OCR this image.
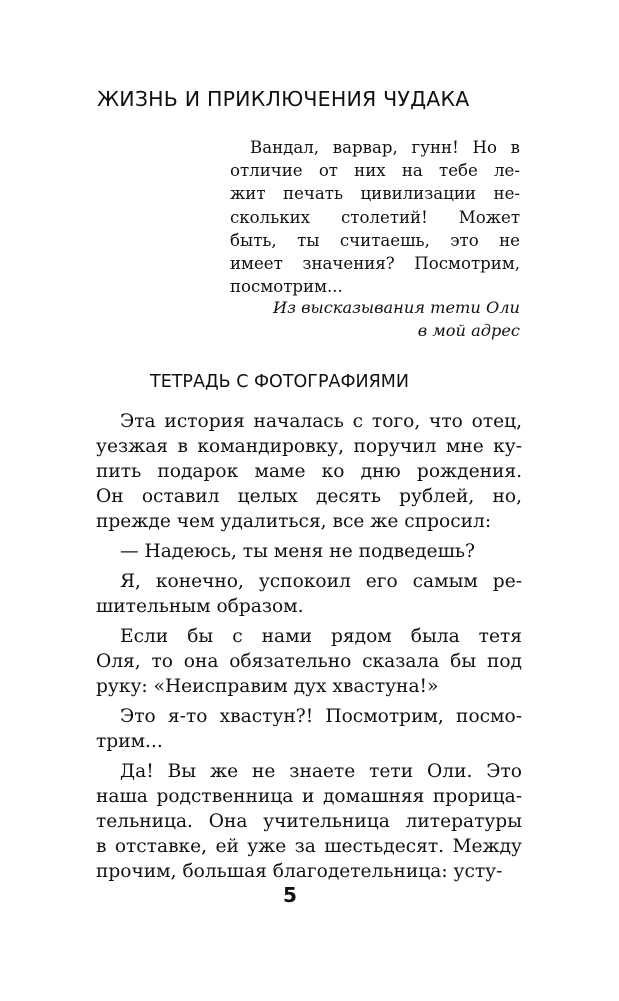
ЖИЗНЬ И ПРИКЛЮЧЕНИЯ ЧУДАКА
Вандал, варвар, гунн! Но в
отличие от них на тебе ле-
жит печать цивилизации не-
скольких столетий! Может
быть, ты считаешь, это не
имеет значения? Посмотрим,
посмотрим...
Из высказывания тети Оли
в мой адрес
ТЕТРАДЬ С ФОТОГРАФИЯМИ
Эта история началась с того, что отец,
уезжая в командировку, поручил мне ку-
пить подарок маме ко дню рождения.
Он оставил целых десять рублей, но,
прежде чем удалиться, все же спросил:
— Надеюсь, ты меня не подведешь?
Я, конечно, успокоил его самым ре-
шительным образом.
Если бы с нами рядом была тетя
Оля, то она обязательно сказала бы под
руку: «Неисправим дух хвастуна!»
Это я-то хвастун?! Посмотрим, посмо-
трим...
Да! Вы же не знаете тети Оли. Это
наша родственница и домашняя прорица-
тельница. Она учительница литературы
в отставке, ей уже за шестьдесят. Между
прочим, большая благодетельница: усту-
5
